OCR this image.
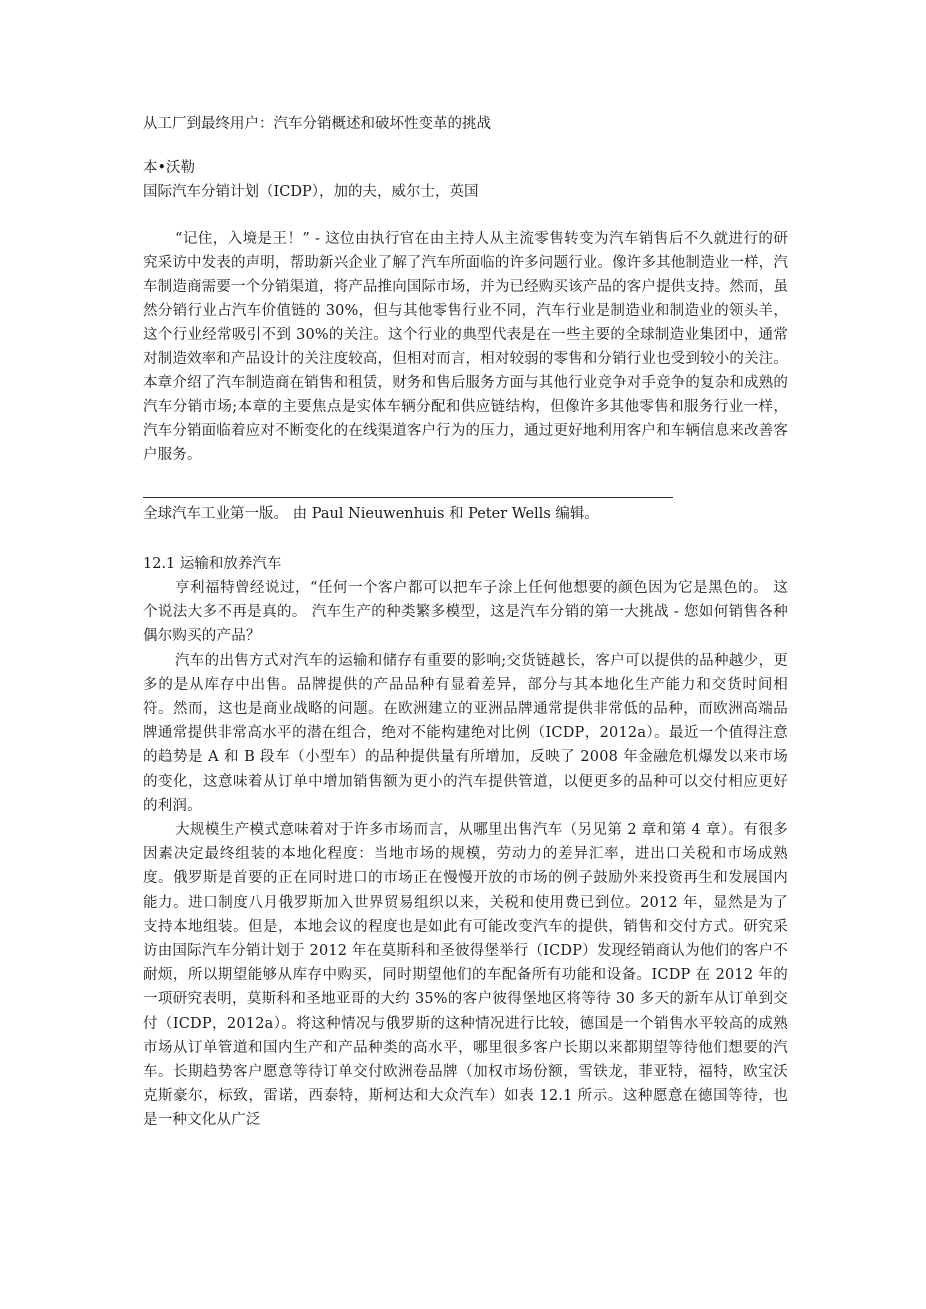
从工厂到最终用户：汽车分销概述和破坏性变革的挑战
本•沃勒
国际汽车分销计划（ICDP），加的夫，威尔士，英国
“记住，入境是王！” - 这位由执行官在由主持人从主流零售转变为汽车销售后不久就进行的研究采访中发表的声明，帮助新兴企业了解了汽车所面临的许多问题行业。像许多其他制造业一样，汽车制造商需要一个分销渠道，将产品推向国际市场，并为已经购买该产品的客户提供支持。然而，虽然分销行业占汽车价值链的 30%，但与其他零售行业不同，汽车行业是制造业和制造业的领头羊，这个行业经常吸引不到 30%的关注。这个行业的典型代表是在一些主要的全球制造业集团中，通常对制造效率和产品设计的关注度较高，但相对而言，相对较弱的零售和分销行业也受到较小的关注。本章介绍了汽车制造商在销售和租赁，财务和售后服务方面与其他行业竞争对手竞争的复杂和成熟的汽车分销市场;本章的主要焦点是实体车辆分配和供应链结构，但像许多其他零售和服务行业一样，汽车分销面临着应对不断变化的在线渠道客户行为的压力，通过更好地利用客户和车辆信息来改善客户服务。
全球汽车工业第一版。 由 Paul Nieuwenhuis 和 Peter Wells 编辑。
12.1 运输和放养汽车

亨利福特曾经说过，“任何一个客户都可以把车子涂上任何他想要的颜色因为它是黑色的。 这个说法大多不再是真的。 汽车生产的种类繁多模型，这是汽车分销的第一大挑战 - 您如何销售各种偶尔购买的产品？

汽车的出售方式对汽车的运输和储存有重要的影响;交货链越长，客户可以提供的品种越少，更多的是从库存中出售。品牌提供的产品品种有显着差异，部分与其本地化生产能力和交货时间相符。然而，这也是商业战略的问题。在欧洲建立的亚洲品牌通常提供非常低的品种，而欧洲高端品牌通常提供非常高水平的潜在组合，绝对不能构建绝对比例（ICDP，2012a）。最近一个值得注意的趋势是 A 和 B 段车（小型车）的品种提供量有所增加，反映了 2008 年金融危机爆发以来市场的变化，这意味着从订单中增加销售额为更小的汽车提供管道，以便更多的品种可以交付相应更好的利润。

大规模生产模式意味着对于许多市场而言，从哪里出售汽车（另见第 2 章和第 4 章）。有很多因素决定最终组装的本地化程度：当地市场的规模，劳动力的差异汇率，进出口关税和市场成熟度。俄罗斯是首要的正在同时进口的市场正在慢慢开放的市场的例子鼓励外来投资再生和发展国内能力。进口制度八月俄罗斯加入世界贸易组织以来，关税和使用费已到位。2012 年，显然是为了支持本地组装。但是，本地会议的程度也是如此有可能改变汽车的提供，销售和交付方式。研究采访由国际汽车分销计划于 2012 年在莫斯科和圣彼得堡举行（ICDP）发现经销商认为他们的客户不耐烦，所以期望能够从库存中购买，同时期望他们的车配备所有功能和设备。ICDP 在 2012 年的一项研究表明，莫斯科和圣地亚哥的大约 35%的客户彼得堡地区将等待 30 多天的新车从订单到交付（ICDP，2012a）。将这种情况与俄罗斯的这种情况进行比较，德国是一个销售水平较高的成熟市场从订单管道和国内生产和产品种类的高水平，哪里很多客户长期以来都期望等待他们想要的汽车。长期趋势客户愿意等待订单交付欧洲卷品牌（加权市场份额，雪铁龙，菲亚特，福特，欧宝沃克斯豪尔，标致，雷诺，西泰特，斯柯达和大众汽车）如表 12.1 所示。这种愿意在德国等待，也是一种文化从广泛
